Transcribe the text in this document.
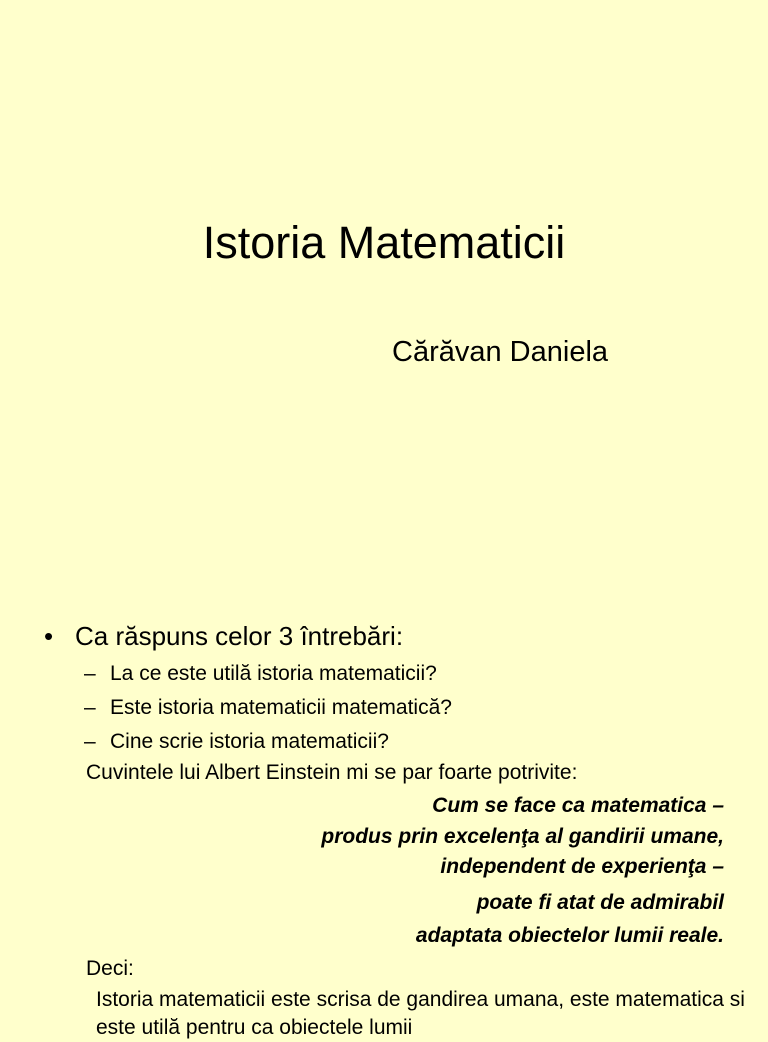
Istoria Matematicii
Cărăvan Daniela
• Ca răspuns celor 3 întrebări:
– La ce este utilă istoria matematicii?
– Este istoria matematicii matematică?
– Cine scrie istoria matematicii?
Cuvintele lui Albert Einstein mi se par foarte potrivite:
Cum se face ca matematica –
produs prin excelenţa al gandirii umane,
independent de experienţa –
poate fi atat de admirabil
adaptata obiectelor lumii reale.
Deci:
Istoria matematicii este scrisa de gandirea umana, este matematica si este utilă pentru ca obiectele lumii
